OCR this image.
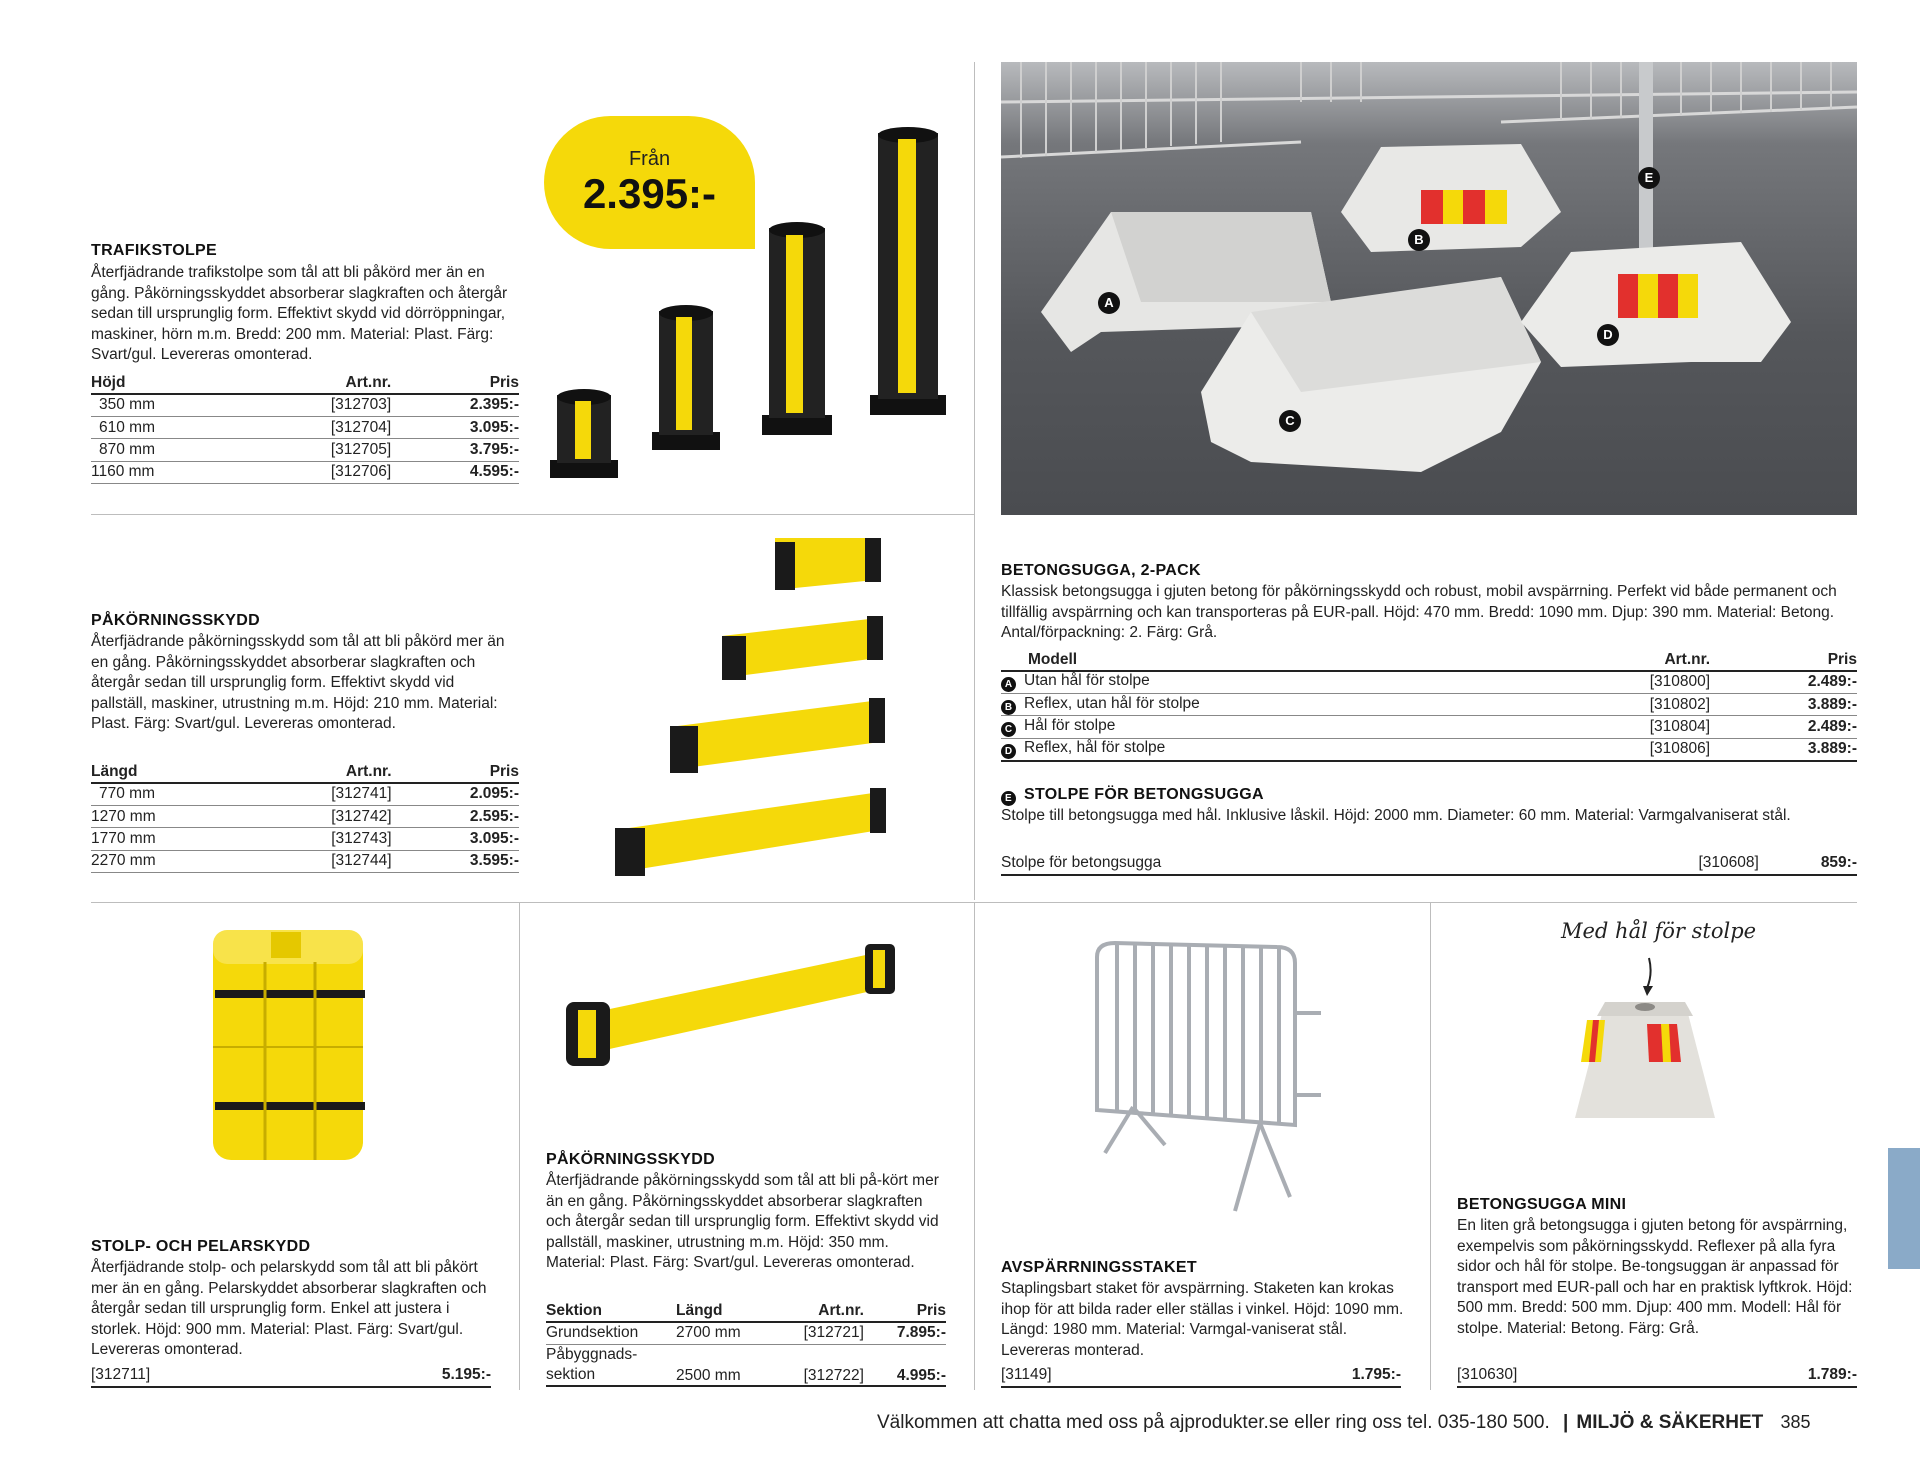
Från
2.395:-
TRAFIKSTOLPE
Återfjädrande trafikstolpe som tål att bli påkörd mer än en gång. Påkörningsskyddet absorberar slagkraften och återgår sedan till ursprunglig form. Effektivt skydd vid dörröppningar, maskiner, hörn m.m. Bredd: 200 mm. Material: Plast. Färg: Svart/gul. Levereras omonterad.
Höjd	Art.nr.	Pris
350 mm	[312703]	2.395:-
610 mm	[312704]	3.095:-
870 mm	[312705]	3.795:-
1160 mm	[312706]	4.595:-
PÅKÖRNINGSSKYDD
Återfjädrande påkörningsskydd som tål att bli påkörd mer än en gång. Påkörningsskyddet absorberar slagkraften och återgår sedan till ursprunglig form. Effektivt skydd vid pallställ, maskiner, utrustning m.m. Höjd: 210 mm. Material: Plast. Färg: Svart/gul. Levereras omonterad.
Längd	Art.nr.	Pris
770 mm	[312741]	2.095:-
1270 mm	[312742]	2.595:-
1770 mm	[312743]	3.095:-
2270 mm	[312744]	3.595:-
A
B
C
D
E
BETONGSUGGA, 2-PACK
Klassisk betongsugga i gjuten betong för påkörningsskydd och robust, mobil avspärrning. Perfekt vid både permanent och tillfällig avspärrning och kan transporteras på EUR-pall. Höjd: 470 mm. Bredd: 1090 mm. Djup: 390 mm. Material: Betong. Antal/förpackning: 2. Färg: Grå.
Modell	Art.nr.	Pris
A Utan hål för stolpe	[310800]	2.489:-
B Reflex, utan hål för stolpe	[310802]	3.889:-
C Hål för stolpe	[310804]	2.489:-
D Reflex, hål för stolpe	[310806]	3.889:-
E STOLPE FÖR BETONGSUGGA
Stolpe till betongsugga med hål. Inklusive låskil. Höjd: 2000 mm. Diameter: 60 mm. Material: Varmgalvaniserat stål.
Stolpe för betongsugga	[310608]	859:-
STOLP- OCH PELARSKYDD
Återfjädrande stolp- och pelarskydd som tål att bli påkört mer än en gång. Pelarskyddet absorberar slagkraften och återgår sedan till ursprunglig form. Enkel att justera i storlek. Höjd: 900 mm. Material: Plast. Färg: Svart/gul. Levereras omonterad.
[312711]	5.195:-
PÅKÖRNINGSSKYDD
Återfjädrande påkörningsskydd som tål att bli på-kört mer än en gång. Påkörningsskyddet absorberar slagkraften och återgår sedan till ursprunglig form. Effektivt skydd vid pallställ, maskiner, utrustning m.m. Höjd: 350 mm. Material: Plast. Färg: Svart/gul. Levereras omonterad.
Sektion	Längd	Art.nr.	Pris
Grundsektion	2700 mm	[312721]	7.895:-
Påbyggnads-sektion	2500 mm	[312722]	4.995:-
AVSPÄRRNINGSSTAKET
Staplingsbart staket för avspärrning. Staketen kan krokas ihop för att bilda rader eller ställas i vinkel. Höjd: 1090 mm. Längd: 1980 mm. Material: Varmgal-vaniserat stål. Levereras monterad.
[31149]	1.795:-
Med hål för stolpe
BETONGSUGGA MINI
En liten grå betongsugga i gjuten betong för avspärrning, exempelvis som påkörningsskydd. Reflexer på alla fyra sidor och hål för stolpe. Be-tongsuggan är anpassad för transport med EUR-pall och har en praktisk lyftkrok. Höjd: 500 mm. Bredd: 500 mm. Djup: 400 mm. Modell: Hål för stolpe. Material: Betong. Färg: Grå.
[310630]	1.789:-
Välkommen att chatta med oss på ajprodukter.se eller ring oss tel. 035-180 500. | MILJÖ & SÄKERHET 385
